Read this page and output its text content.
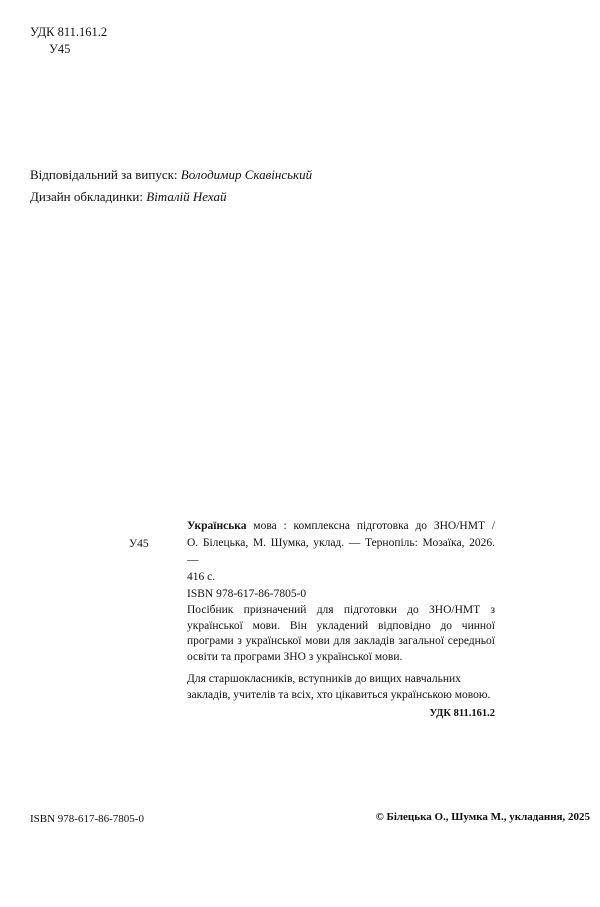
УДК 811.161.2
У45
Відповідальний за випуск: Володимир Скавінський
Дизайн обкладинки: Віталій Нехай
У45

Українська мова : комплексна підготовка до ЗНО/НМТ /

О. Білецька, М. Шумка, уклад. — Тернопіль: Мозаїка, 2026. —

416 с.

ISBN 978-617-86-7805-0

Посібник призначений для підготовки до ЗНО/НМТ з української мови. Він укладений відповідно до чинної програми з української мови для закладів загальної середньої освіти та програми ЗНО з української мови.

Для старшокласників, вступників до вищих навчальних закладів, учителів та всіх, хто цікавиться українською мовою.

УДК 811.161.2

ISBN 978-617-86-7805-0	© Білецька О., Шумка М., укладання, 2025
